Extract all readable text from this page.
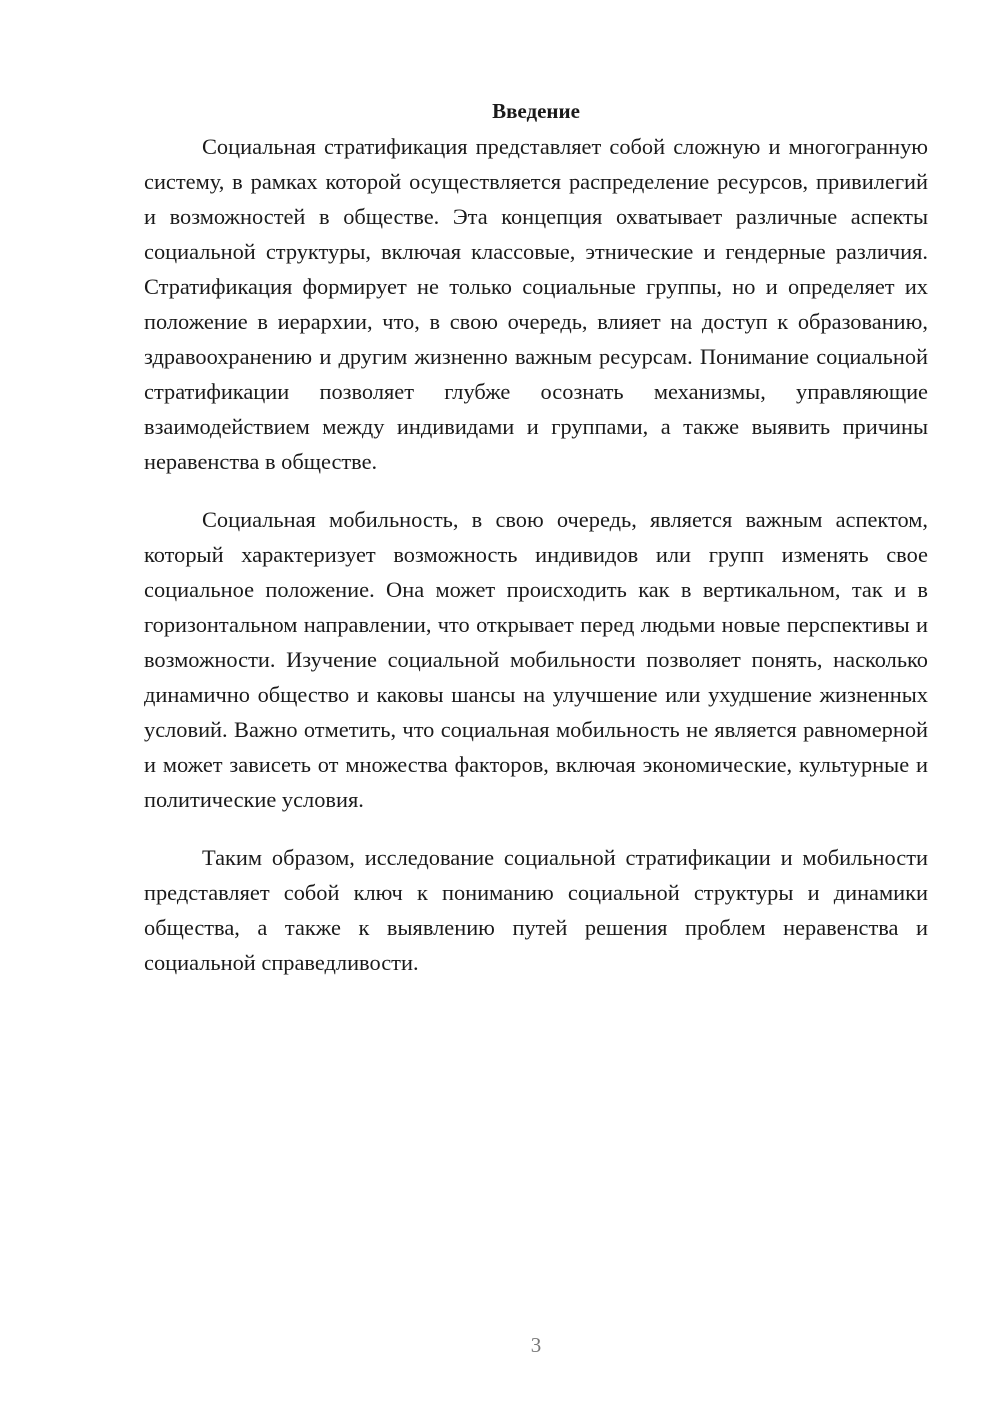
Введение

Социальная стратификация представляет собой сложную и многогранную систему, в рамках которой осуществляется распределение ресурсов, привилегий и возможностей в обществе. Эта концепция охватывает различные аспекты социальной структуры, включая классовые, этнические и гендерные различия. Стратификация формирует не только социальные группы, но и определяет их положение в иерархии, что, в свою очередь, влияет на доступ к образованию, здравоохранению и другим жизненно важным ресурсам. Понимание социальной стратификации позволяет глубже осознать механизмы, управляющие взаимодействием между индивидами и группами, а также выявить причины неравенства в обществе.

Социальная мобильность, в свою очередь, является важным аспектом, который характеризует возможность индивидов или групп изменять свое социальное положение. Она может происходить как в вертикальном, так и в горизонтальном направлении, что открывает перед людьми новые перспективы и возможности. Изучение социальной мобильности позволяет понять, насколько динамично общество и каковы шансы на улучшение или ухудшение жизненных условий. Важно отметить, что социальная мобильность не является равномерной и может зависеть от множества факторов, включая экономические, культурные и политические условия.

Таким образом, исследование социальной стратификации и мобильности представляет собой ключ к пониманию социальной структуры и динамики общества, а также к выявлению путей решения проблем неравенства и социальной справедливости.

3
